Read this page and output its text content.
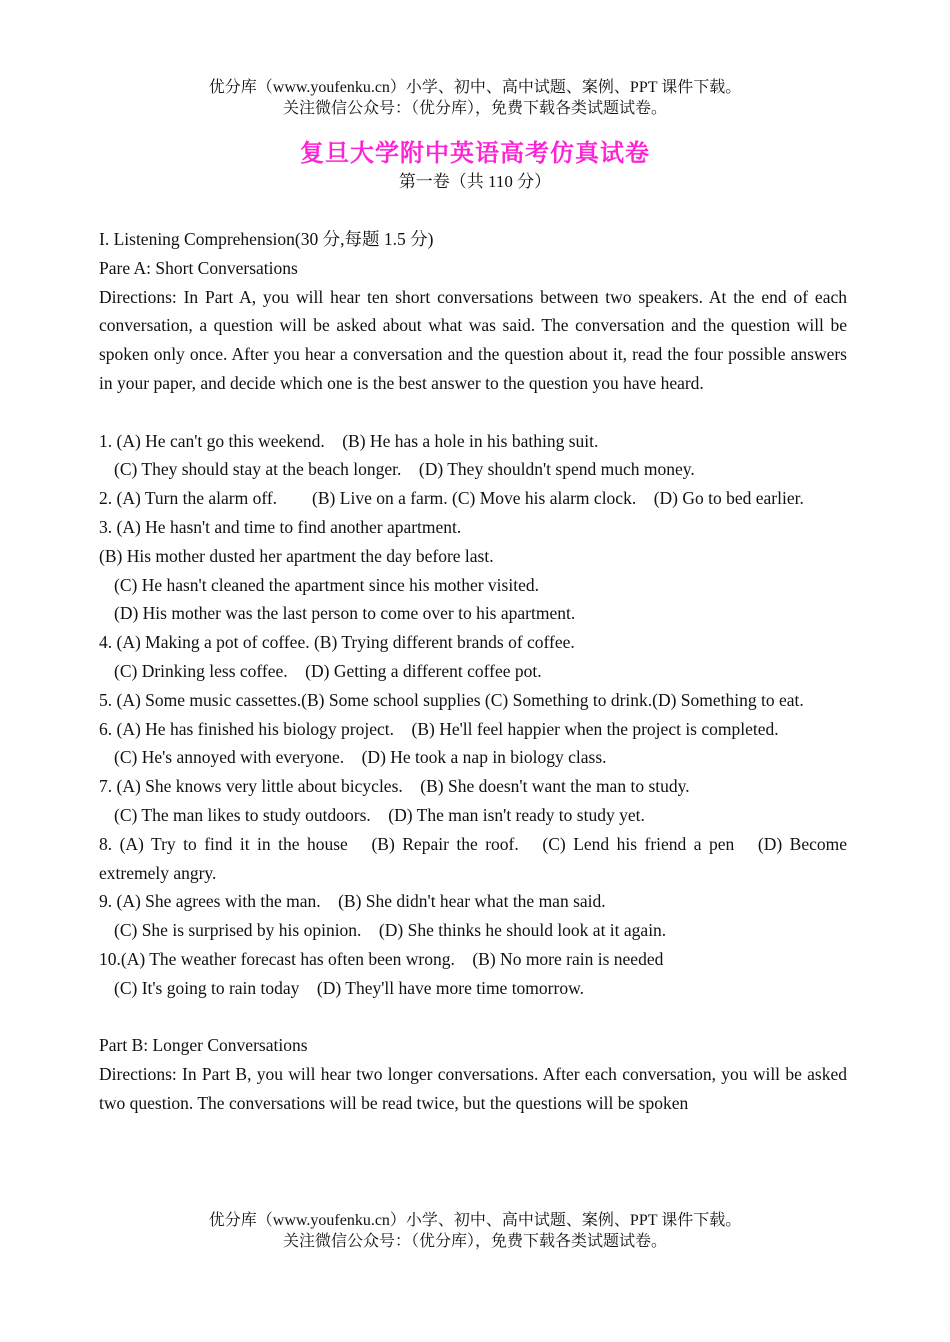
优分库（www.youfenku.cn）小学、初中、高中试题、案例、PPT 课件下载。
关注微信公众号：（优分库），免费下载各类试题试卷。
复旦大学附中英语高考仿真试卷
第一卷（共 110 分）

I. Listening Comprehension(30 分,每题 1.5 分)

Pare A: Short Conversations

Directions: In Part A, you will hear ten short conversations between two speakers. At the end of each conversation, a question will be asked about what was said. The conversation and the question will be spoken only once. After you hear a conversation and the question about it, read the four possible answers in your paper, and decide which one is the best answer to the question you have heard.

1. (A) He can't go this weekend.　(B) He has a hole in his bathing suit.

(C) They should stay at the beach longer.　(D) They shouldn't spend much money.

2. (A) Turn the alarm off.　　(B) Live on a farm. (C) Move his alarm clock.　(D) Go to bed earlier.

3. (A) He hasn't and time to find another apartment.

(B) His mother dusted her apartment the day before last.

(C) He hasn't cleaned the apartment since his mother visited.

(D) His mother was the last person to come over to his apartment.

4. (A) Making a pot of coffee. (B) Trying different brands of coffee.

(C) Drinking less coffee.　(D) Getting a different coffee pot.

5. (A) Some music cassettes.(B) Some school supplies (C) Something to drink.(D) Something to eat.

6. (A) He has finished his biology project.　(B) He'll feel happier when the project is completed.

(C) He's annoyed with everyone.　(D) He took a nap in biology class.

7. (A) She knows very little about bicycles.　(B) She doesn't want the man to study.

(C) The man likes to study outdoors.　(D) The man isn't ready to study yet.

8. (A) Try to find it in the house　(B) Repair the roof.　(C) Lend his friend a pen　(D) Become extremely angry.

9. (A) She agrees with the man.　(B) She didn't hear what the man said.

(C) She is surprised by his opinion.　(D) She thinks he should look at it again.

10.(A) The weather forecast has often been wrong.　(B) No more rain is needed

(C) It's going to rain today　(D) They'll have more time tomorrow.

Part B: Longer Conversations

Directions: In Part B, you will hear two longer conversations. After each conversation, you will be asked two question. The conversations will be read twice, but the questions will be spoken

优分库（www.youfenku.cn）小学、初中、高中试题、案例、PPT 课件下载。
关注微信公众号：（优分库），免费下载各类试题试卷。
